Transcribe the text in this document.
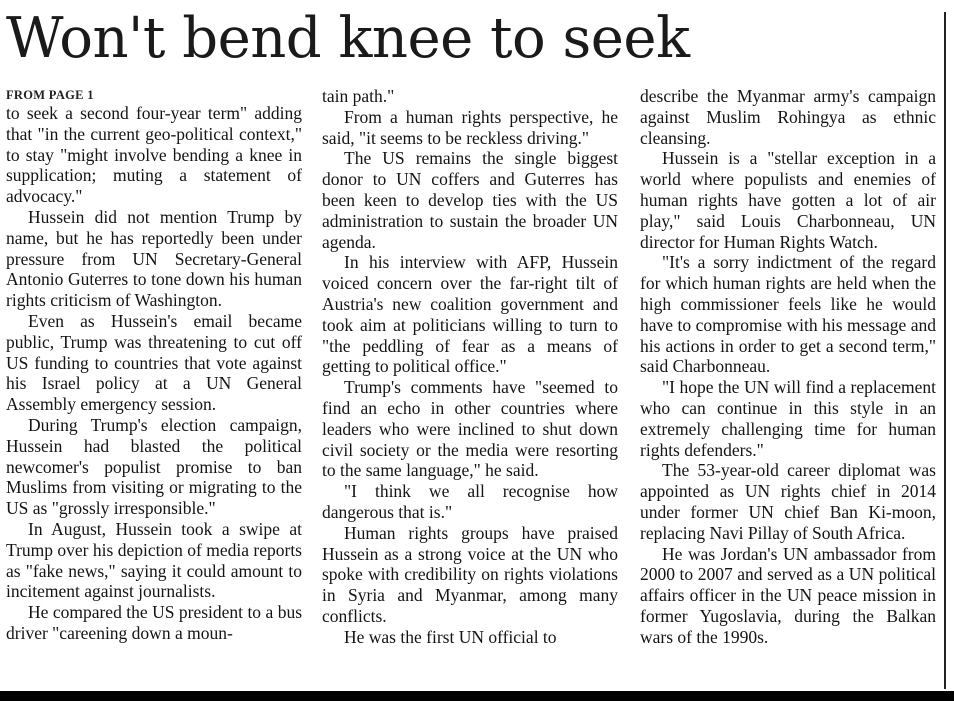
Won't bend knee to seek
FROM PAGE 1

to seek a second four-year term" adding that "in the current geo-political context," to stay "might involve bending a knee in supplication; muting a statement of advocacy."

Hussein did not mention Trump by name, but he has reportedly been under pressure from UN Secretary-General Antonio Guterres to tone down his human rights criticism of Washington.

Even as Hussein's email became public, Trump was threatening to cut off US funding to countries that vote against his Israel policy at a UN General Assembly emergency session.

During Trump's election campaign, Hussein had blasted the political newcomer's populist promise to ban Muslims from visiting or migrating to the US as "grossly irresponsible."

In August, Hussein took a swipe at Trump over his depiction of media reports as "fake news," saying it could amount to incitement against journalists.

He compared the US president to a bus driver "careening down a moun-

tain path."

From a human rights perspective, he said, "it seems to be reckless driving."

The US remains the single biggest donor to UN coffers and Guterres has been keen to develop ties with the US administration to sustain the broader UN agenda.

In his interview with AFP, Hussein voiced concern over the far-right tilt of Austria's new coalition government and took aim at politicians willing to turn to "the peddling of fear as a means of getting to political office."

Trump's comments have "seemed to find an echo in other countries where leaders who were inclined to shut down civil society or the media were resorting to the same language," he said.

"I think we all recognise how dangerous that is."

Human rights groups have praised Hussein as a strong voice at the UN who spoke with credibility on rights violations in Syria and Myanmar, among many conflicts.

He was the first UN official to

describe the Myanmar army's campaign against Muslim Rohingya as ethnic cleansing.

Hussein is a "stellar exception in a world where populists and enemies of human rights have gotten a lot of air play," said Louis Charbonneau, UN director for Human Rights Watch.

"It's a sorry indictment of the regard for which human rights are held when the high commissioner feels like he would have to compromise with his message and his actions in order to get a second term," said Charbonneau.

"I hope the UN will find a replacement who can continue in this style in an extremely challenging time for human rights defenders."

The 53-year-old career diplomat was appointed as UN rights chief in 2014 under former UN chief Ban Ki-moon, replacing Navi Pillay of South Africa.

He was Jordan's UN ambassador from 2000 to 2007 and served as a UN political affairs officer in the UN peace mission in former Yugoslavia, during the Balkan wars of the 1990s.
